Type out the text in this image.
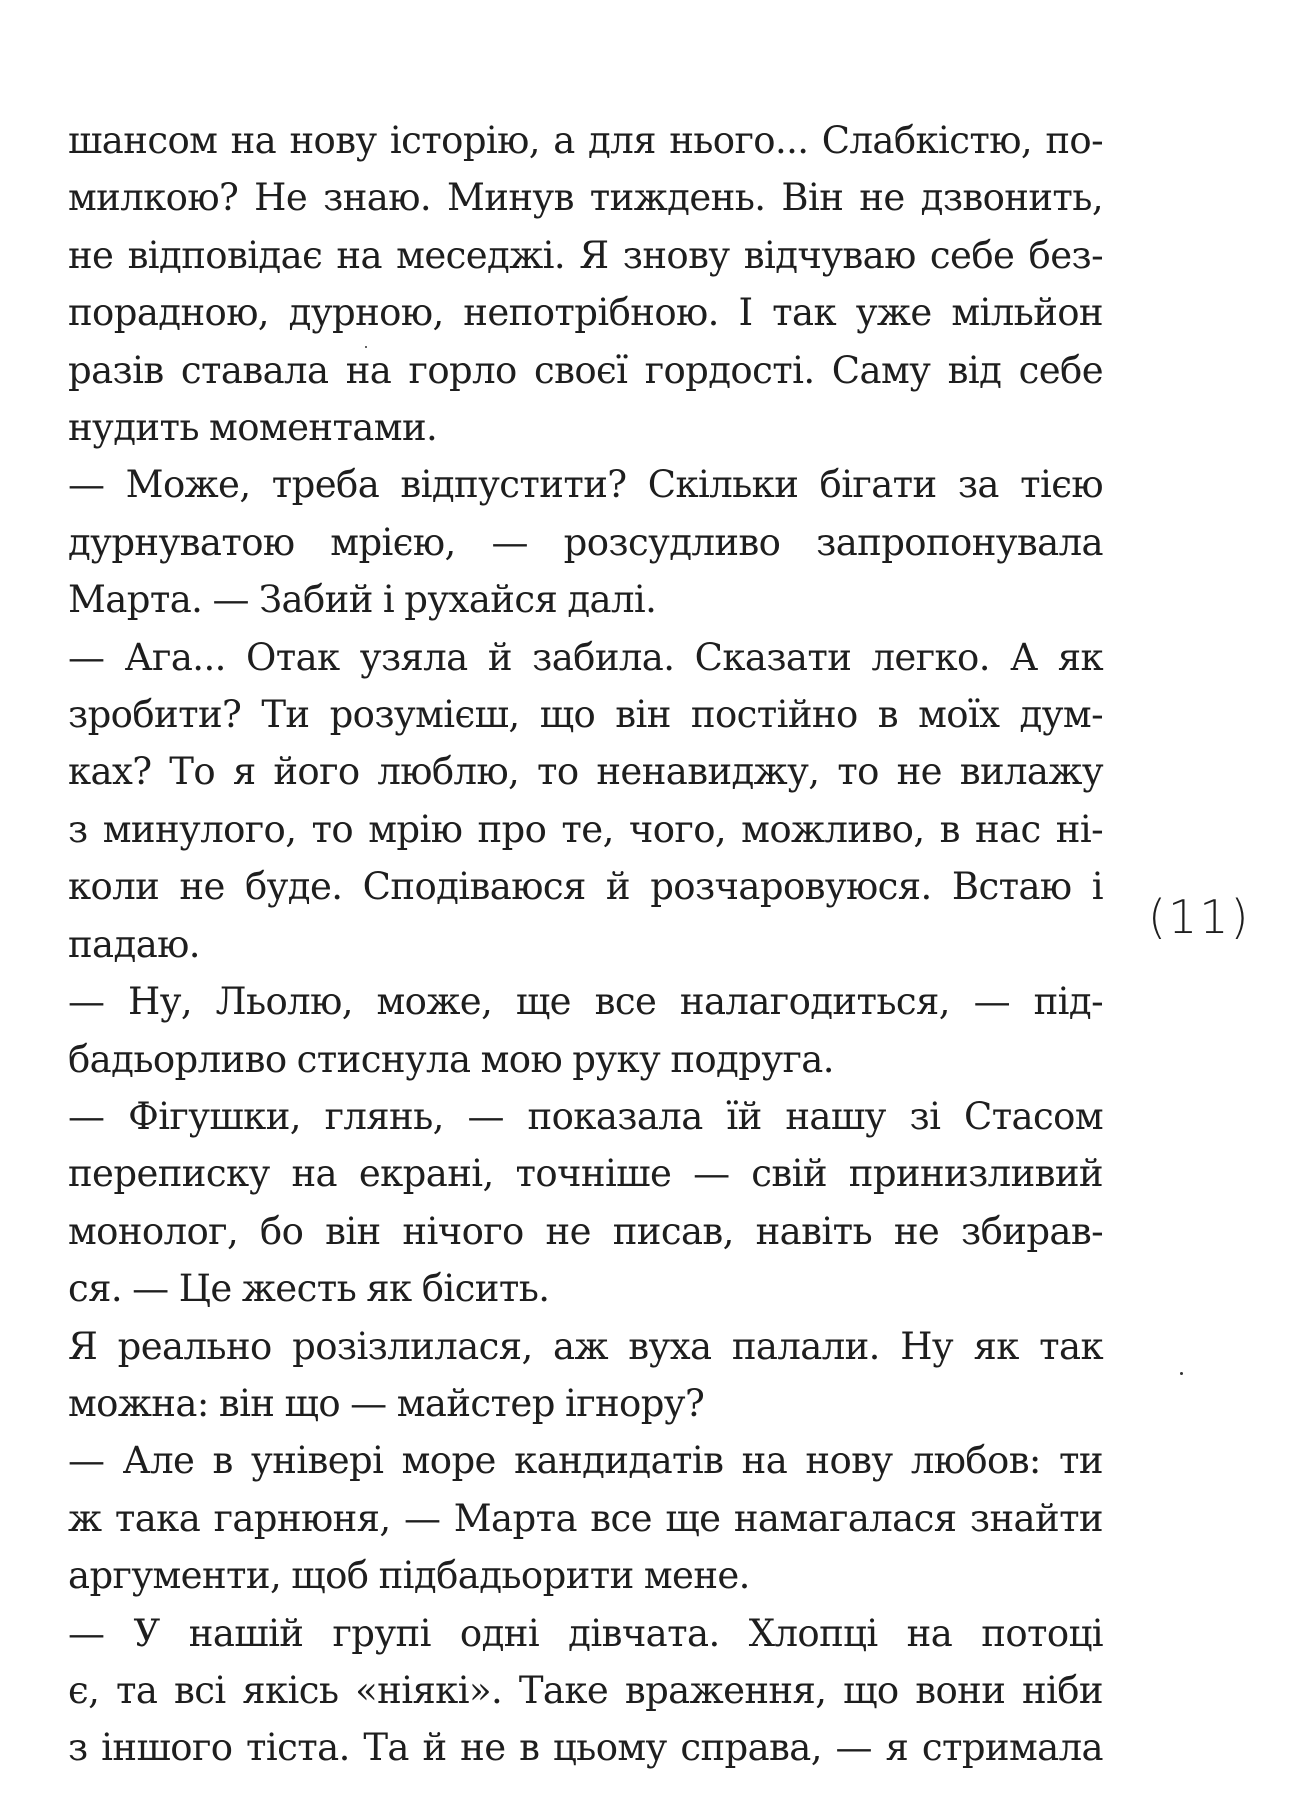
шансом на нову історію, а для нього... Слабкістю, по-

милкою? Не знаю. Минув тиждень. Він не дзвонить,

не відповідає на меседжі. Я знову відчуваю себе без-

порадною, дурною, непотрібною. І так уже мільйон

разів ставала на горло своєї гордості. Саму від себе

нудить моментами.

— Може, треба відпустити? Скільки бігати за тією

дурнуватою мрією, — розсудливо запропонувала

Марта. — Забий і рухайся далі.

— Ага... Отак узяла й забила. Сказати легко. А як

зробити? Ти розумієш, що він постійно в моїх дум-

ках? То я його люблю, то ненавиджу, то не вилажу

з минулого, то мрію про те, чого, можливо, в нас ні-

коли не буде. Сподіваюся й розчаровуюся. Встаю і

падаю.

— Ну, Льолю, може, ще все налагодиться, — під-

бадьорливо стиснула мою руку подруга.

— Фігушки, глянь, — показала їй нашу зі Стасом

переписку на екрані, точніше — свій принизливий

монолог, бо він нічого не писав, навіть не збирав-

ся. — Це жесть як бісить.

Я реально розізлилася, аж вуха палали. Ну як так

можна: він що — майстер ігнору?

— Але в універі море кандидатів на нову любов: ти

ж така гарнюня, — Марта все ще намагалася знайти

аргументи, щоб підбадьорити мене.

— У нашій групі одні дівчата. Хлопці на потоці

є, та всі якісь «ніякі». Таке враження, що вони ніби

з іншого тіста. Та й не в цьому справа, — я стримала

(11)
